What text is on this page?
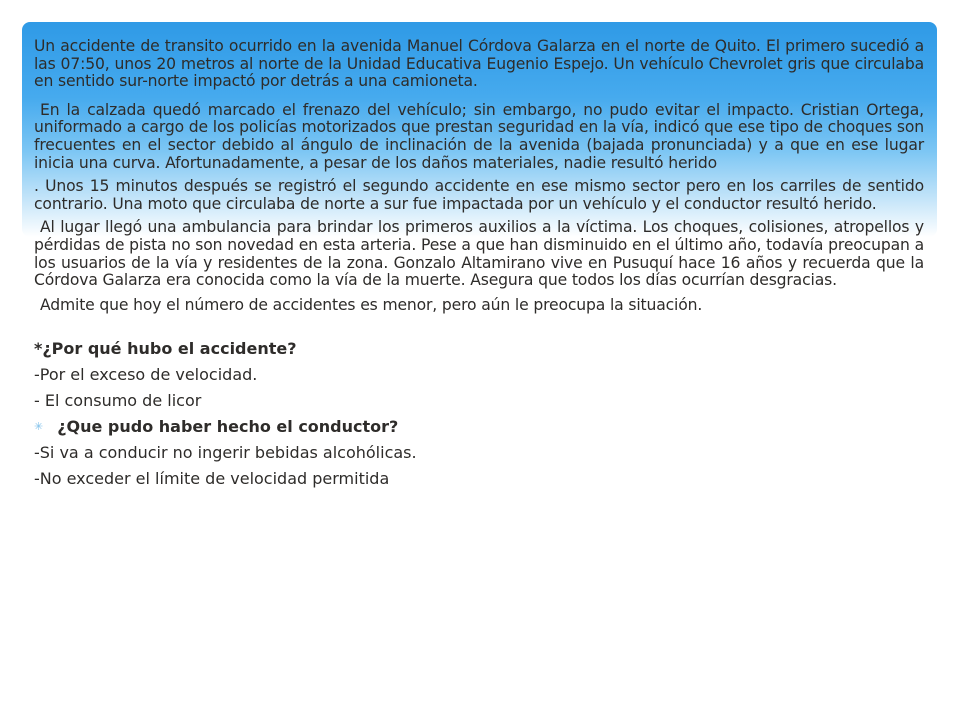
Un accidente de transito ocurrido en la avenida Manuel Córdova Galarza en el norte de Quito. El primero sucedió a las 07:50, unos 20 metros al norte de la Unidad Educativa Eugenio Espejo. Un vehículo Chevrolet gris que circulaba en sentido sur-norte impactó por detrás a una camioneta.

En la calzada quedó marcado el frenazo del vehículo; sin embargo, no pudo evitar el impacto. Cristian Ortega, uniformado a cargo de los policías motorizados que prestan seguridad en la vía, indicó que ese tipo de choques son frecuentes en el sector debido al ángulo de inclinación de la avenida (bajada pronunciada) y a que en ese lugar inicia una curva. Afortunadamente, a pesar de los daños materiales, nadie resultó herido

. Unos 15 minutos después se registró el segundo accidente en ese mismo sector pero en los carriles de sentido contrario. Una moto que circulaba de norte a sur fue impactada por un vehículo y el conductor resultó herido.

Al lugar llegó una ambulancia para brindar los primeros auxilios a la víctima. Los choques, colisiones, atropellos y pérdidas de pista no son novedad en esta arteria. Pese a que han disminuido en el último año, todavía preocupan a los usuarios de la vía y residentes de la zona. Gonzalo Altamirano vive en Pusuquí hace 16 años y recuerda que la Córdova Galarza era conocida como la vía de la muerte. Asegura que todos los días ocurrían desgracias.

Admite que hoy el número de accidentes es menor, pero aún le preocupa la situación.

*¿Por qué hubo el accidente?
-Por el exceso de velocidad.
- El consumo de licor
✳ ¿Que pudo haber hecho el conductor?
-Si va a conducir no ingerir bebidas alcohólicas.
-No exceder el límite de velocidad permitida
